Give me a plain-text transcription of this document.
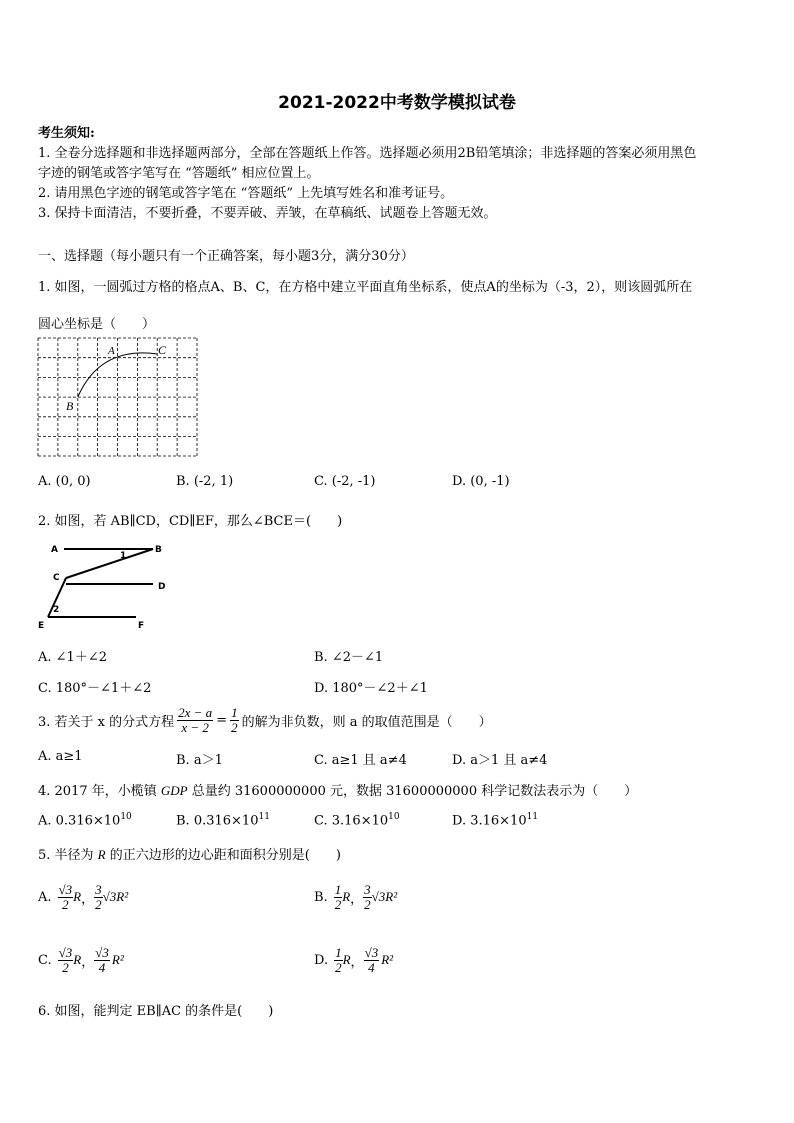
2021-2022中考数学模拟试卷
考生须知:
1. 全卷分选择题和非选择题两部分，全部在答题纸上作答。选择题必须用2B铅笔填涂；非选择题的答案必须用黑色
字迹的钢笔或答字笔写在 “答题纸” 相应位置上。
2. 请用黑色字迹的钢笔或答字笔在 “答题纸” 上先填写姓名和准考证号。
3. 保持卡面清洁，不要折叠，不要弄破、弄皱，在草稿纸、试题卷上答题无效。
一、选择题（每小题只有一个正确答案，每小题3分，满分30分）
1. 如图，一圆弧过方格的格点A、B、C，在方格中建立平面直角坐标系，使点A的坐标为（-3，2），则该圆弧所在
圆心坐标是（　　）
A	C
B
A. (0, 0)	B. (-2, 1)	C. (-2, -1)	D. (0, -1)
2. 如图，若 AB∥CD，CD∥EF，那么∠BCE＝(　　)
A	B
C
D
E	F
1
2
A. ∠1＋∠2	B. ∠2－∠1
C. 180°－∠1＋∠2	D. 180°－∠2＋∠1
3. 若关于 x 的分式方程 $\frac{2x - a}{x - 2} = \frac{1}{2}$ 的解为非负数，则 a 的取值范围是（　　）
A. a≥1	B. a＞1	C. a≥1 且 a≠4	D. a＞1 且 a≠4
4. 2017 年，小榄镇 GDP 总量约 31600000000 元，数据 31600000000 科学记数法表示为（　　）
A. $0.316\times 10^{10}$	B. $0.316\times 10^{11}$	C. $3.16\times 10^{10}$	D. $3.16\times 10^{11}$
5. 半径为 R 的正六边形的边心距和面积分别是(　　)
A. $\frac{√3}{2}$ R ， $\frac{3}{2} √3$ R²	B. $\frac{1}{2}$ R ， $\frac{3}{2} √3$ R²
C. $\frac{√3}{2}$ R ， $\frac{√3}{4} R^2$	D. $\frac{1}{2}$ R ， $\frac{√3}{4} R^2$
6. 如图，能判定 EB∥AC 的条件是(　　)
